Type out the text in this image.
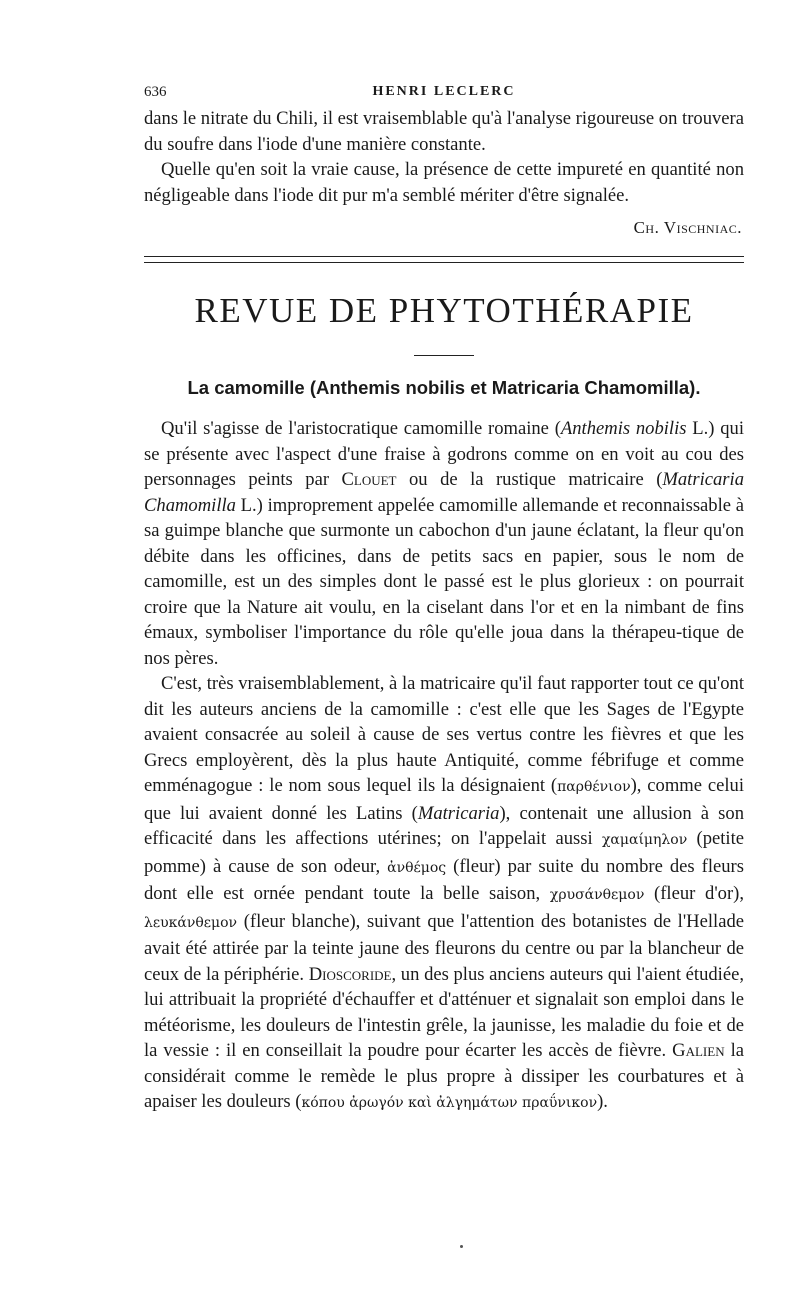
636	HENRI LECLERC

dans le nitrate du Chili, il est vraisemblable qu'à l'analyse rigoureuse on trouvera du soufre dans l'iode d'une manière constante.

Quelle qu'en soit la vraie cause, la présence de cette impureté en quantité non négligeable dans l'iode dit pur m'a semblé mériter d'être signalée.

Ch. Vischniac.
REVUE DE PHYTOTHÉRAPIE
La camomille (Anthemis nobilis et Matricaria Chamomilla).

Qu'il s'agisse de l'aristocratique camomille romaine (Anthemis nobilis L.) qui se présente avec l'aspect d'une fraise à godrons comme on en voit au cou des personnages peints par Clouet ou de la rustique matricaire (Matricaria Chamomilla L.) improprement appelée camomille allemande et reconnaissable à sa guimpe blanche que surmonte un cabochon d'un jaune éclatant, la fleur qu'on débite dans les officines, dans de petits sacs en papier, sous le nom de camomille, est un des simples dont le passé est le plus glorieux : on pourrait croire que la Nature ait voulu, en la ciselant dans l'or et en la nimbant de fins émaux, symboliser l'importance du rôle qu'elle joua dans la thérapeu-tique de nos pères.

C'est, très vraisemblablement, à la matricaire qu'il faut rapporter tout ce qu'ont dit les auteurs anciens de la camomille : c'est elle que les Sages de l'Egypte avaient consacrée au soleil à cause de ses vertus contre les fièvres et que les Grecs employèrent, dès la plus haute Antiquité, comme fébrifuge et comme emménagogue : le nom sous lequel ils la désignaient (παρθένιον), comme celui que lui avaient donné les Latins (Matricaria), contenait une allusion à son efficacité dans les affections utérines; on l'appelait aussi χαμαίμηλον (petite pomme) à cause de son odeur, ἀνθέμος (fleur) par suite du nombre des fleurs dont elle est ornée pendant toute la belle saison, χρυσάνθεμον (fleur d'or), λευκάνθεμον (fleur blanche), suivant que l'attention des botanistes de l'Hellade avait été attirée par la teinte jaune des fleurons du centre ou par la blancheur de ceux de la périphérie. Dioscoride, un des plus anciens auteurs qui l'aient étudiée, lui attribuait la propriété d'échauffer et d'atténuer et signalait son emploi dans le météorisme, les douleurs de l'intestin grêle, la jaunisse, les maladie du foie et de la vessie : il en conseillait la poudre pour écarter les accès de fièvre. Galien la considérait comme le remède le plus propre à dissiper les courbatures et à apaiser les douleurs (κόπου ἀρωγόν καὶ ἀλγημάτων πραΰνικον).
